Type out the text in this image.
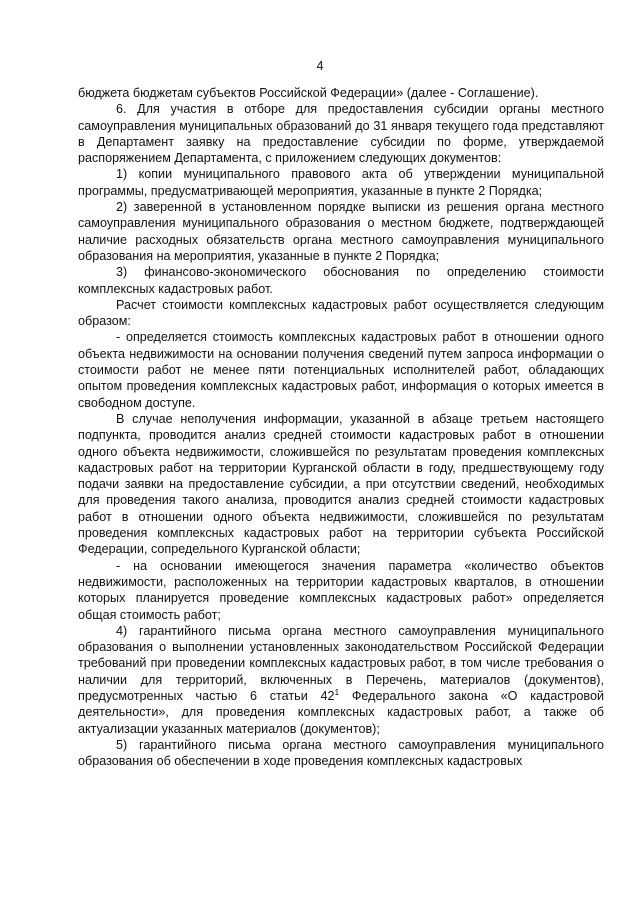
4

бюджета бюджетам субъектов Российской Федерации» (далее - Соглашение).

6. Для участия в отборе для предоставления субсидии органы местного самоуправления муниципальных образований до 31 января текущего года представляют в Департамент заявку на предоставление субсидии по форме, утверждаемой распоряжением Департамента, с приложением следующих документов:

1) копии муниципального правового акта об утверждении муниципальной программы, предусматривающей мероприятия, указанные в пункте 2 Порядка;

2) заверенной в установленном порядке выписки из решения органа местного самоуправления муниципального образования о местном бюджете, подтверждающей наличие расходных обязательств органа местного самоуправления муниципального образования на мероприятия, указанные в пункте 2 Порядка;

3) финансово-экономического обоснования по определению стоимости комплексных кадастровых работ.

Расчет стоимости комплексных кадастровых работ осуществляется следующим образом:

- определяется стоимость комплексных кадастровых работ в отношении одного объекта недвижимости на основании получения сведений путем запроса информации о стоимости работ не менее пяти потенциальных исполнителей работ, обладающих опытом проведения комплексных кадастровых работ, информация о которых имеется в свободном доступе.

В случае неполучения информации, указанной в абзаце третьем настоящего подпункта, проводится анализ средней стоимости кадастровых работ в отношении одного объекта недвижимости, сложившейся по результатам проведения комплексных кадастровых работ на территории Курганской области в году, предшествующему году подачи заявки на предоставление субсидии, а при отсутствии сведений, необходимых для проведения такого анализа, проводится анализ средней стоимости кадастровых работ в отношении одного объекта недвижимости, сложившейся по результатам проведения комплексных кадастровых работ на территории субъекта Российской Федерации, сопредельного Курганской области;

- на основании имеющегося значения параметра «количество объектов недвижимости, расположенных на территории кадастровых кварталов, в отношении которых планируется проведение комплексных кадастровых работ» определяется общая стоимость работ;

4) гарантийного письма органа местного самоуправления муниципального образования о выполнении установленных законодательством Российской Федерации требований при проведении комплексных кадастровых работ, в том числе требования о наличии для территорий, включенных в Перечень, материалов (документов), предусмотренных частью 6 статьи $42^1$ Федерального закона «О кадастровой деятельности», для проведения комплексных кадастровых работ, а также об актуализации указанных материалов (документов);

5) гарантийного письма органа местного самоуправления муниципального образования об обеспечении в ходе проведения комплексных кадастровых
